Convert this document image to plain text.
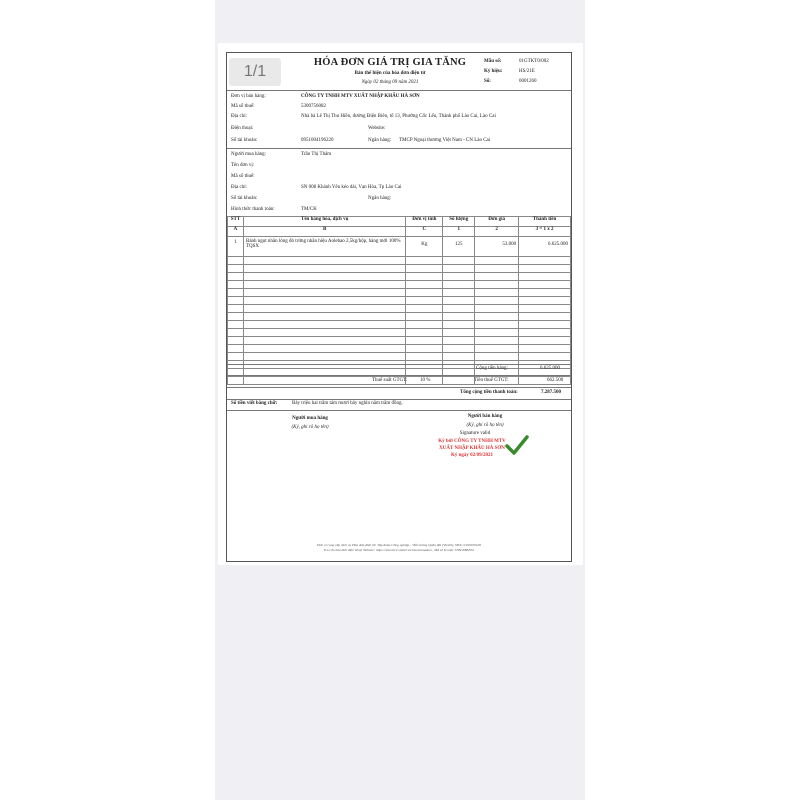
1/1
HÓA ĐƠN GIÁ TRỊ GIA TĂNG
Bản thể hiện của hóa đơn điện tử
Ngày 02 tháng 09 năm 2021
Mẫu số:	01GTKT0/002
Ký hiệu:	HS/21E
Số:	0001260
Đơn vị bán hàng:	CÔNG TY TNHH MTV XUẤT NHẬP KHẨU HÀ SƠN
Mã số thuế:	5300756082
Địa chỉ:	Nhà bà Lê Thị Thu Hiền, đường Điện Biên, tổ 13, Phường Cốc Lếu, Thành phố Lào Cai, Lào Cai
Điện thoại:	Website:
Số tài khoản:	0951004196220	Ngân hàng: TMCP Ngoại thương Việt Nam - CN Lào Cai
Người mua hàng:	Trần Thị Thâm
Tên đơn vị:
Mã số thuế:
Địa chỉ:	SN 008 Khánh Yên kéo dài, Vạn Hòa, Tp Lào Cai
Số tài khoản:	Ngân hàng:
Hình thức thanh toán:	TM/CK
STT	Tên hàng hóa, dịch vụ	Đơn vị tính	Số lượng	Đơn giá	Thành tiền
A	B	C	1	2	3 = 1 x 2
1	Bánh ngọt nhân lòng đỏ trứng nhãn hiệu Aolebao 2,5kg/hộp, hàng mới 100% TQSX	Kg	125	53.000	6.625.000

Cộng tiền hàng:	6.625.000
Thuế suất GTGT:	10 %	Tiền thuế GTGT:	662.500
Tổng cộng tiền thanh toán:	7.287.500
Số tiền viết bằng chữ:	Bảy triệu hai trăm tám mươi bảy nghìn năm trăm đồng.
Người mua hàng
(Ký, ghi rõ họ tên)
Người bán hàng
(Ký, ghi rõ họ tên)
Signature valid
Ký bởi CÔNG TY TNHH MTV
XUẤT NHẬP KHẨU HÀ SƠN
Ký ngày 02/09/2021
Đơn vị cung cấp dịch vụ Hóa đơn điện tử: Tập đoàn Công nghiệp - Viễn thông Quân đội (Viettel), MST: 0100109106
Tra cứu hóa đơn điện tử tại Website: https://einvoice.viettel.vn/tracuuhoadon , Mã số bí mật: S7BG6B6NS1
